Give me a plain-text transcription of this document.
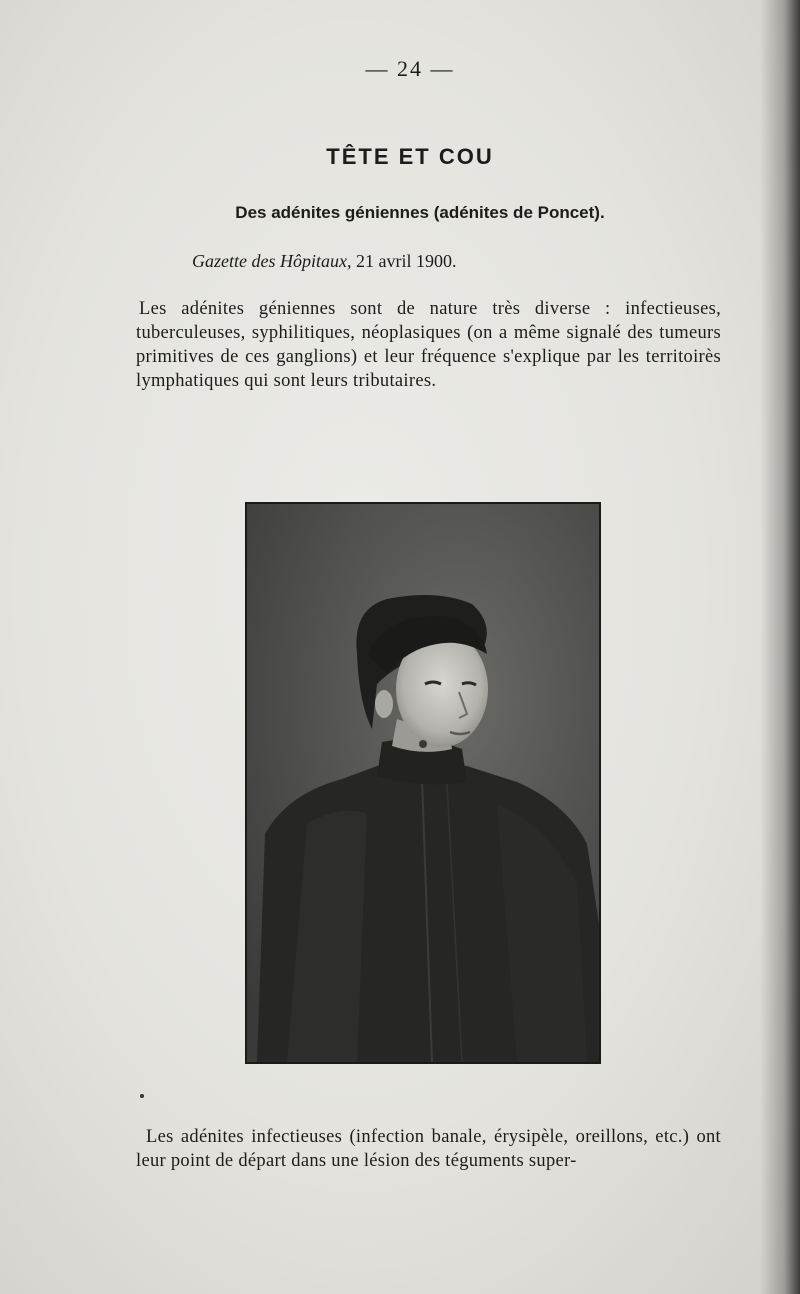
— 24 —
TÊTE ET COU
Des adénites géniennes (adénites de Poncet).
Gazette des Hôpitaux, 21 avril 1900.

Les adénites géniennes sont de nature très diverse : infectieuses, tuberculeuses, syphilitiques, néoplasiques (on a même signalé des tumeurs primitives de ces ganglions) et leur fréquence s'explique par les territoirès lymphatiques qui sont leurs tributaires.

Les adénites infectieuses (infection banale, érysipèle, oreillons, etc.) ont leur point de départ dans une lésion des téguments super-
